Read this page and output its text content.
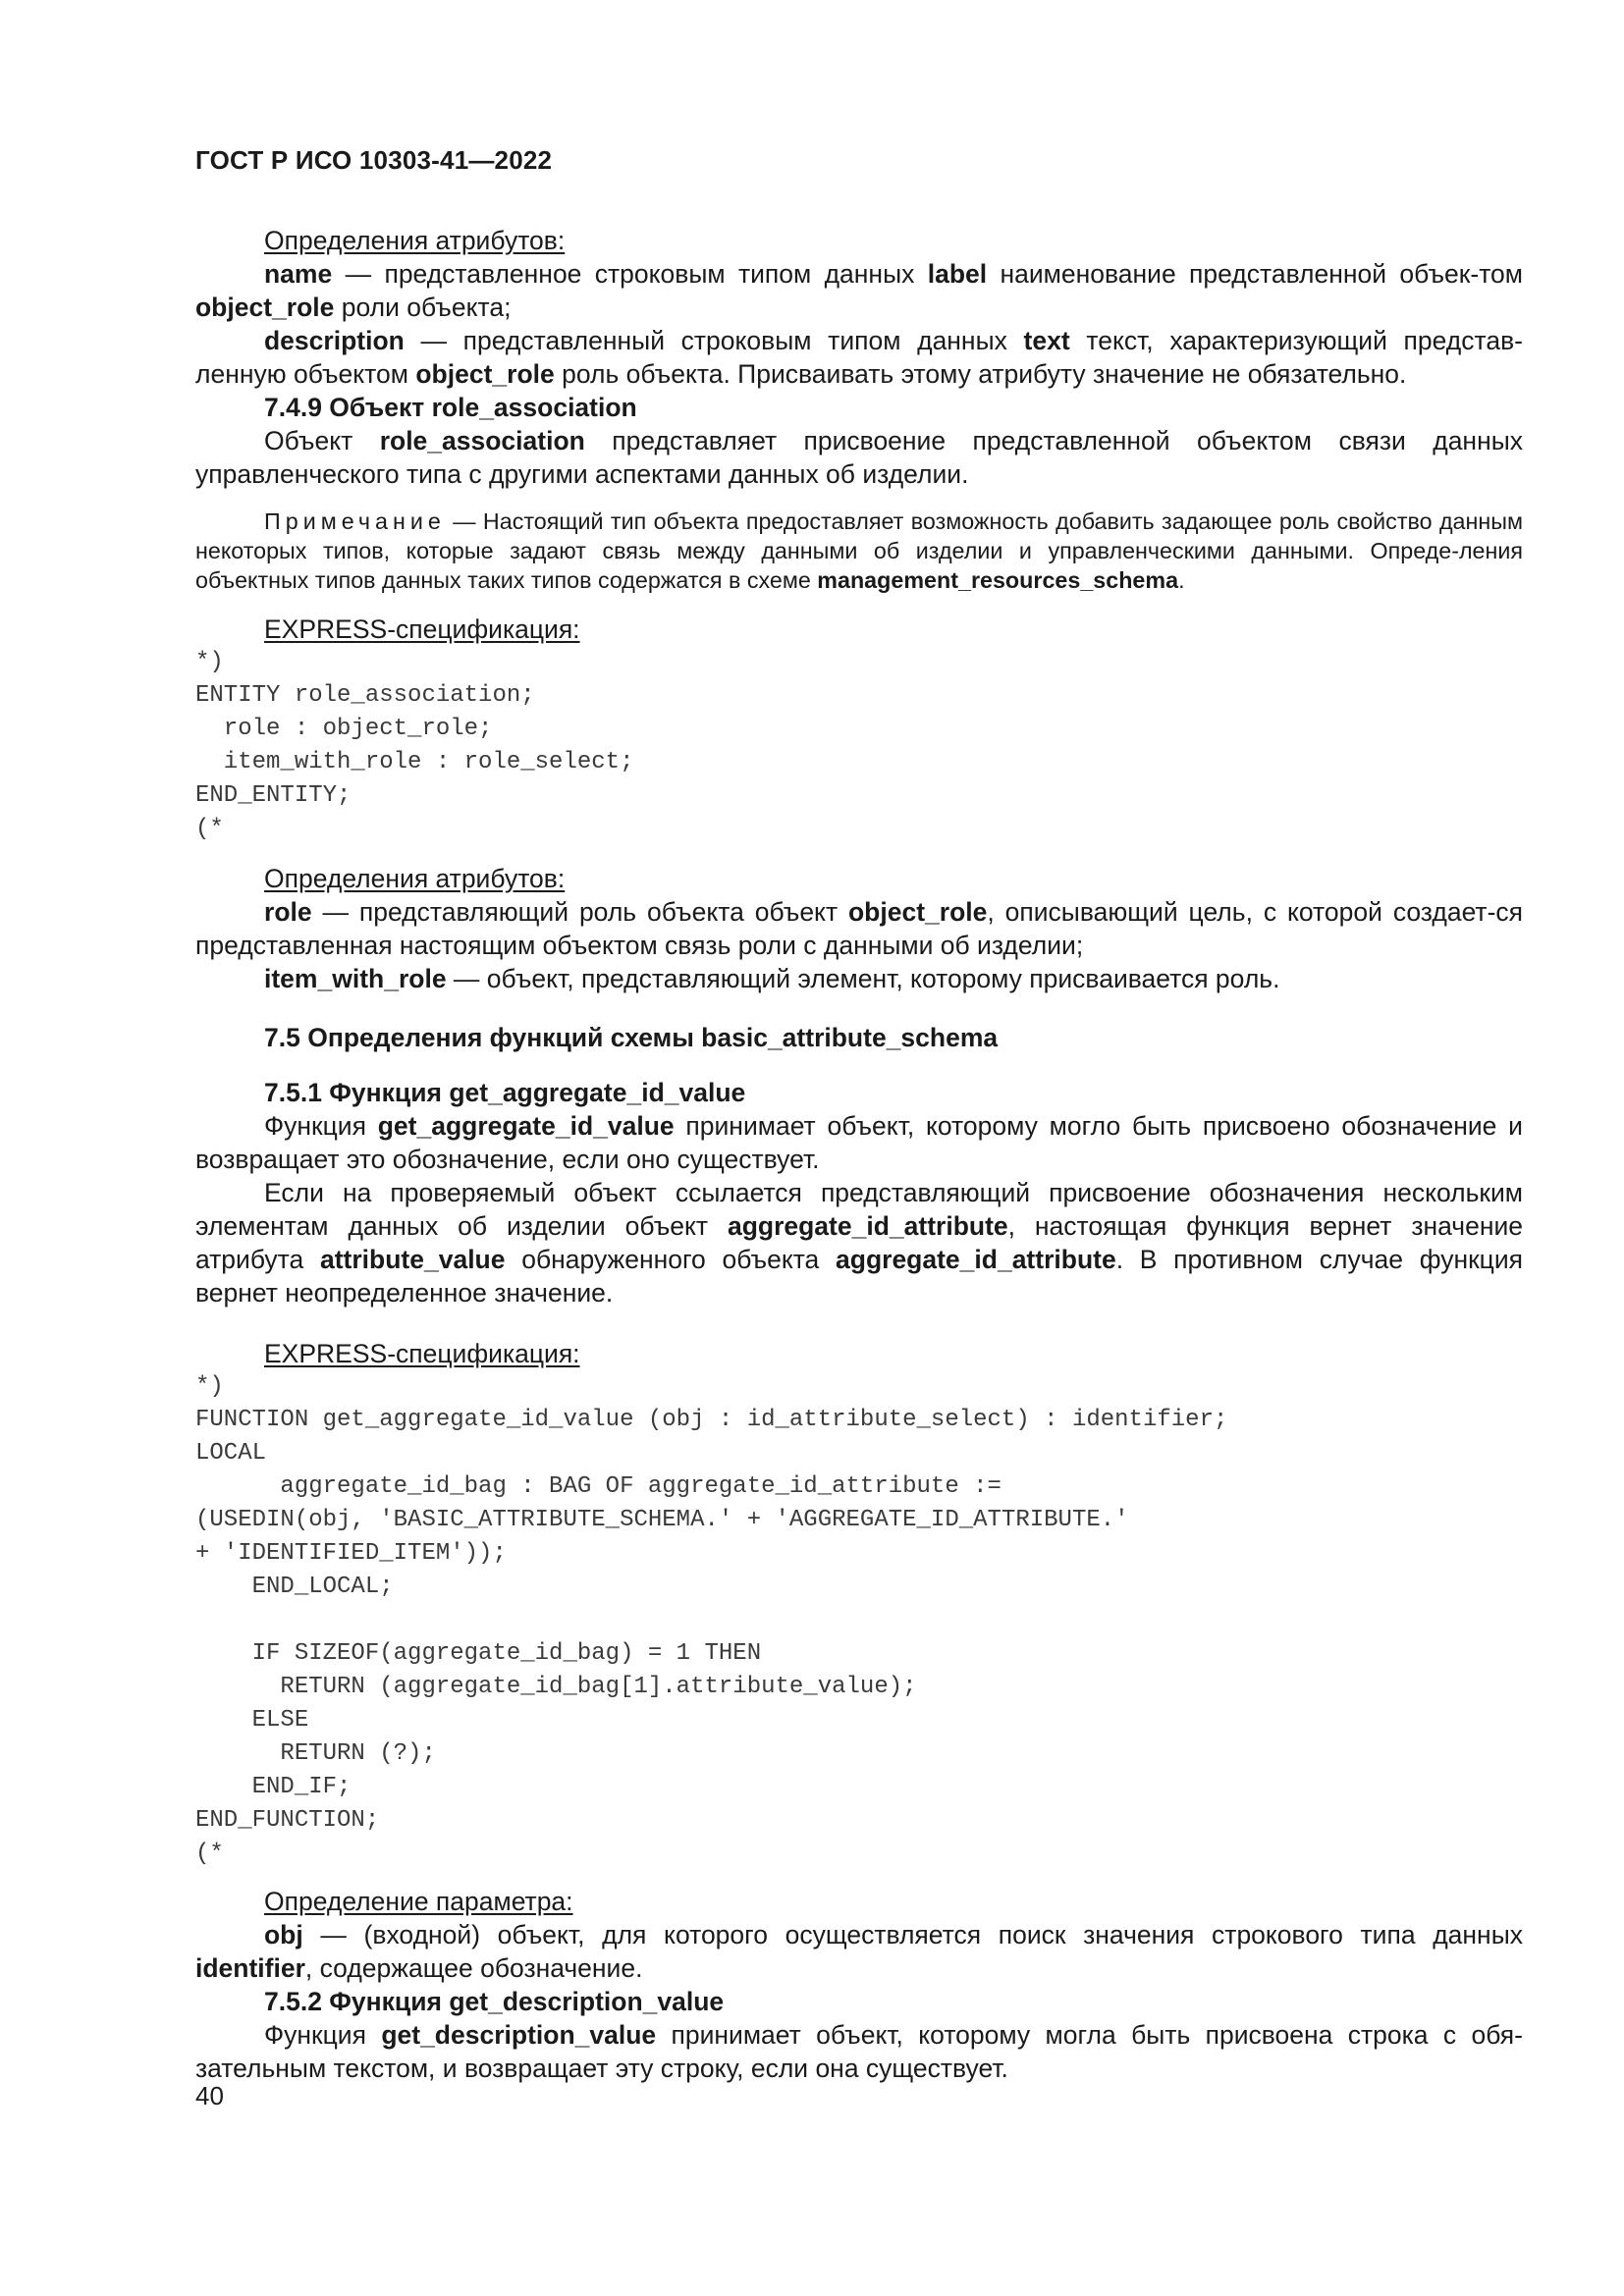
ГОСТ Р ИСО 10303-41—2022

Определения атрибутов:

name — представленное строковым типом данных label наименование представленной объек-том object_role роли объекта;

description — представленный строковым типом данных text текст, характеризующий представ-ленную объектом object_role роль объекта. Присваивать этому атрибуту значение не обязательно.

7.4.9 Объект role_association

Объект role_association представляет присвоение представленной объектом связи данных управленческого типа с другими аспектами данных об изделии.

Примечание — Настоящий тип объекта предоставляет возможность добавить задающее роль свойство данным некоторых типов, которые задают связь между данными об изделии и управленческими данными. Опреде-ления объектных типов данных таких типов содержатся в схеме management_resources_schema.

EXPRESS-спецификация:

*)
ENTITY role_association;
role : object_role;
item_with_role : role_select;
END_ENTITY;
(*

Определения атрибутов:

role — представляющий роль объекта объект object_role, описывающий цель, с которой создает-ся представленная настоящим объектом связь роли с данными об изделии;

item_with_role — объект, представляющий элемент, которому присваивается роль.

7.5 Определения функций схемы basic_attribute_schema
7.5.1 Функция get_aggregate_id_value

Функция get_aggregate_id_value принимает объект, которому могло быть присвоено обозначение и возвращает это обозначение, если оно существует.

Если на проверяемый объект ссылается представляющий присвоение обозначения нескольким элементам данных об изделии объект aggregate_id_attribute, настоящая функция вернет значение атрибута attribute_value обнаруженного объекта aggregate_id_attribute. В противном случае функция вернет неопределенное значение.

EXPRESS-спецификация:

*)
FUNCTION get_aggregate_id_value (obj : id_attribute_select) : identifier;
LOCAL
aggregate_id_bag : BAG OF aggregate_id_attribute :=
(USEDIN(obj, 'BASIC_ATTRIBUTE_SCHEMA.' + 'AGGREGATE_ID_ATTRIBUTE.'
+ 'IDENTIFIED_ITEM'));
END_LOCAL;

IF SIZEOF(aggregate_id_bag) = 1 THEN
RETURN (aggregate_id_bag[1].attribute_value);
ELSE
RETURN (?);
END_IF;
END_FUNCTION;
(*

Определение параметра:

obj — (входной) объект, для которого осуществляется поиск значения строкового типа данных identifier, содержащее обозначение.

7.5.2 Функция get_description_value

Функция get_description_value принимает объект, которому могла быть присвоена строка с обя-зательным текстом, и возвращает эту строку, если она существует.

40
